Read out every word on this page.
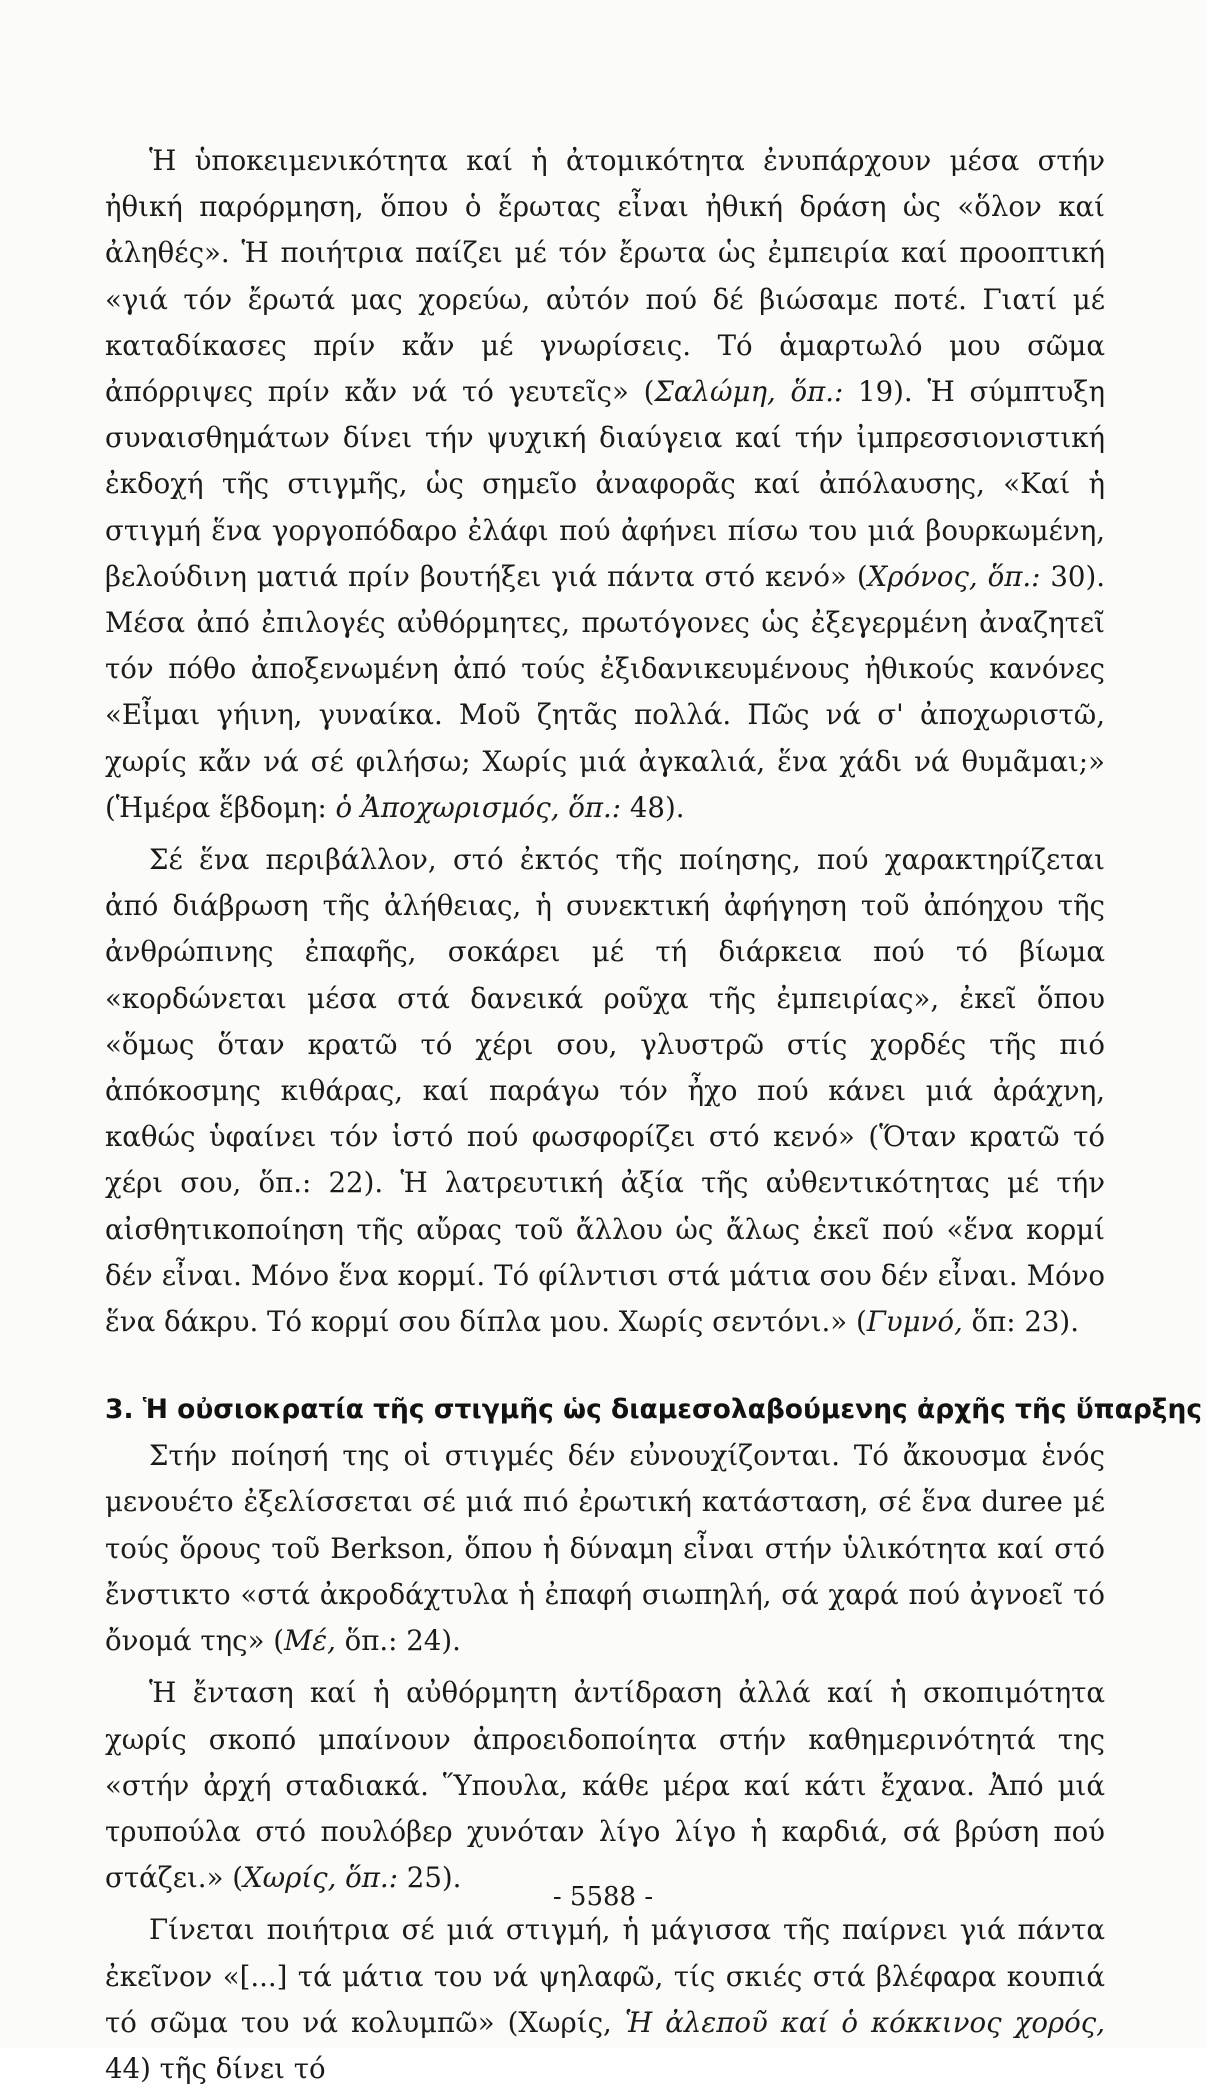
Ἡ ὑποκειμενικότητα καί ἡ ἀτομικότητα ἐνυπάρχουν μέσα στήν ἠθική παρόρμηση, ὅπου ὁ ἔρωτας εἶναι ἠθική δράση ὡς «ὅλον καί ἀληθές». Ἡ ποιήτρια παίζει μέ τόν ἔρωτα ὡς ἐμπειρία καί προοπτική «γιά τόν ἔρωτά μας χορεύω, αὐτόν πού δέ βιώσαμε ποτέ. Γιατί μέ καταδίκασες πρίν κἄν μέ γνωρίσεις. Τό ἁμαρτωλό μου σῶμα ἀπόρριψες πρίν κἄν νά τό γευτεῖς» (Σαλώμη, ὅπ.: 19). Ἡ σύμπτυξη συναισθημάτων δίνει τήν ψυχική διαύγεια καί τήν ἰμπρεσσιονιστική ἐκδοχή τῆς στιγμῆς, ὡς σημεῖο ἀναφορᾶς καί ἀπόλαυσης, «Καί ἡ στιγμή ἕνα γοργοπόδαρο ἐλάφι πού ἀφήνει πίσω του μιά βουρκωμένη, βελούδινη ματιά πρίν βουτήξει γιά πάντα στό κενό» (Χρόνος, ὅπ.: 30). Μέσα ἀπό ἐπιλογές αὐθόρμητες, πρωτόγονες ὡς ἐξεγερμένη ἀναζητεῖ τόν πόθο ἀποξενωμένη ἀπό τούς ἐξιδανικευμένους ἠθικούς κανόνες «Εἶμαι γήινη, γυναίκα. Μοῦ ζητᾶς πολλά. Πῶς νά σ' ἀποχωριστῶ, χωρίς κἄν νά σέ φιλήσω; Χωρίς μιά ἀγκαλιά, ἕνα χάδι νά θυμᾶμαι;» (Ἡμέρα ἕβδομη: ὁ Ἀποχωρισμός, ὅπ.: 48).

Σέ ἕνα περιβάλλον, στό ἐκτός τῆς ποίησης, πού χαρακτηρίζεται ἀπό διάβρωση τῆς ἀλήθειας, ἡ συνεκτική ἀφήγηση τοῦ ἀπόηχου τῆς ἀνθρώπινης ἐπαφῆς, σοκάρει μέ τή διάρκεια πού τό βίωμα «κορδώνεται μέσα στά δανεικά ροῦχα τῆς ἐμπειρίας», ἐκεῖ ὅπου «ὅμως ὅταν κρατῶ τό χέρι σου, γλυστρῶ στίς χορδές τῆς πιό ἀπόκοσμης κιθάρας, καί παράγω τόν ἦχο πού κάνει μιά ἀράχνη, καθώς ὑφαίνει τόν ἱστό πού φωσφορίζει στό κενό» (Ὅταν κρατῶ τό χέρι σου, ὅπ.: 22). Ἡ λατρευτική ἀξία τῆς αὐθεντικότητας μέ τήν αἰσθητικοποίηση τῆς αὔρας τοῦ ἄλλου ὡς ἄλως ἐκεῖ πού «ἕνα κορμί δέν εἶναι. Μόνο ἕνα κορμί. Τό φίλντισι στά μάτια σου δέν εἶναι. Μόνο ἕνα δάκρυ. Τό κορμί σου δίπλα μου. Χωρίς σεντόνι.» (Γυμνό, ὅπ: 23).

3. Ἡ οὐσιοκρατία τῆς στιγμῆς ὡς διαμεσολαβούμενης ἀρχῆς τῆς ὕπαρξης

Στήν ποίησή της οἱ στιγμές δέν εὐνουχίζονται. Τό ἄκουσμα ἑνός μενουέτο ἐξελίσσεται σέ μιά πιό ἐρωτική κατάσταση, σέ ἕνα duree μέ τούς ὅρους τοῦ Berkson, ὅπου ἡ δύναμη εἶναι στήν ὑλικότητα καί στό ἔνστικτο «στά ἀκροδάχτυλα ἡ ἐπαφή σιωπηλή, σά χαρά πού ἀγνοεῖ τό ὄνομά της» (Μέ, ὅπ.: 24).

Ἡ ἔνταση καί ἡ αὐθόρμητη ἀντίδραση ἀλλά καί ἡ σκοπιμότητα χωρίς σκοπό μπαίνουν ἀπροειδοποίητα στήν καθημερινότητά της «στήν ἀρχή σταδιακά. Ὕπουλα, κάθε μέρα καί κάτι ἔχανα. Ἀπό μιά τρυπούλα στό πουλόβερ χυνόταν λίγο λίγο ἡ καρδιά, σά βρύση πού στάζει.» (Χωρίς, ὅπ.: 25).

Γίνεται ποιήτρια σέ μιά στιγμή, ἡ μάγισσα τῆς παίρνει γιά πάντα ἐκεῖνον «[...] τά μάτια του νά ψηλαφῶ, τίς σκιές στά βλέφαρα κουπιά τό σῶμα του νά κολυμπῶ» (Χωρίς, Ἡ ἀλεποῦ καί ὁ κόκκινος χορός, 44) τῆς δίνει τό

- 5588 -
